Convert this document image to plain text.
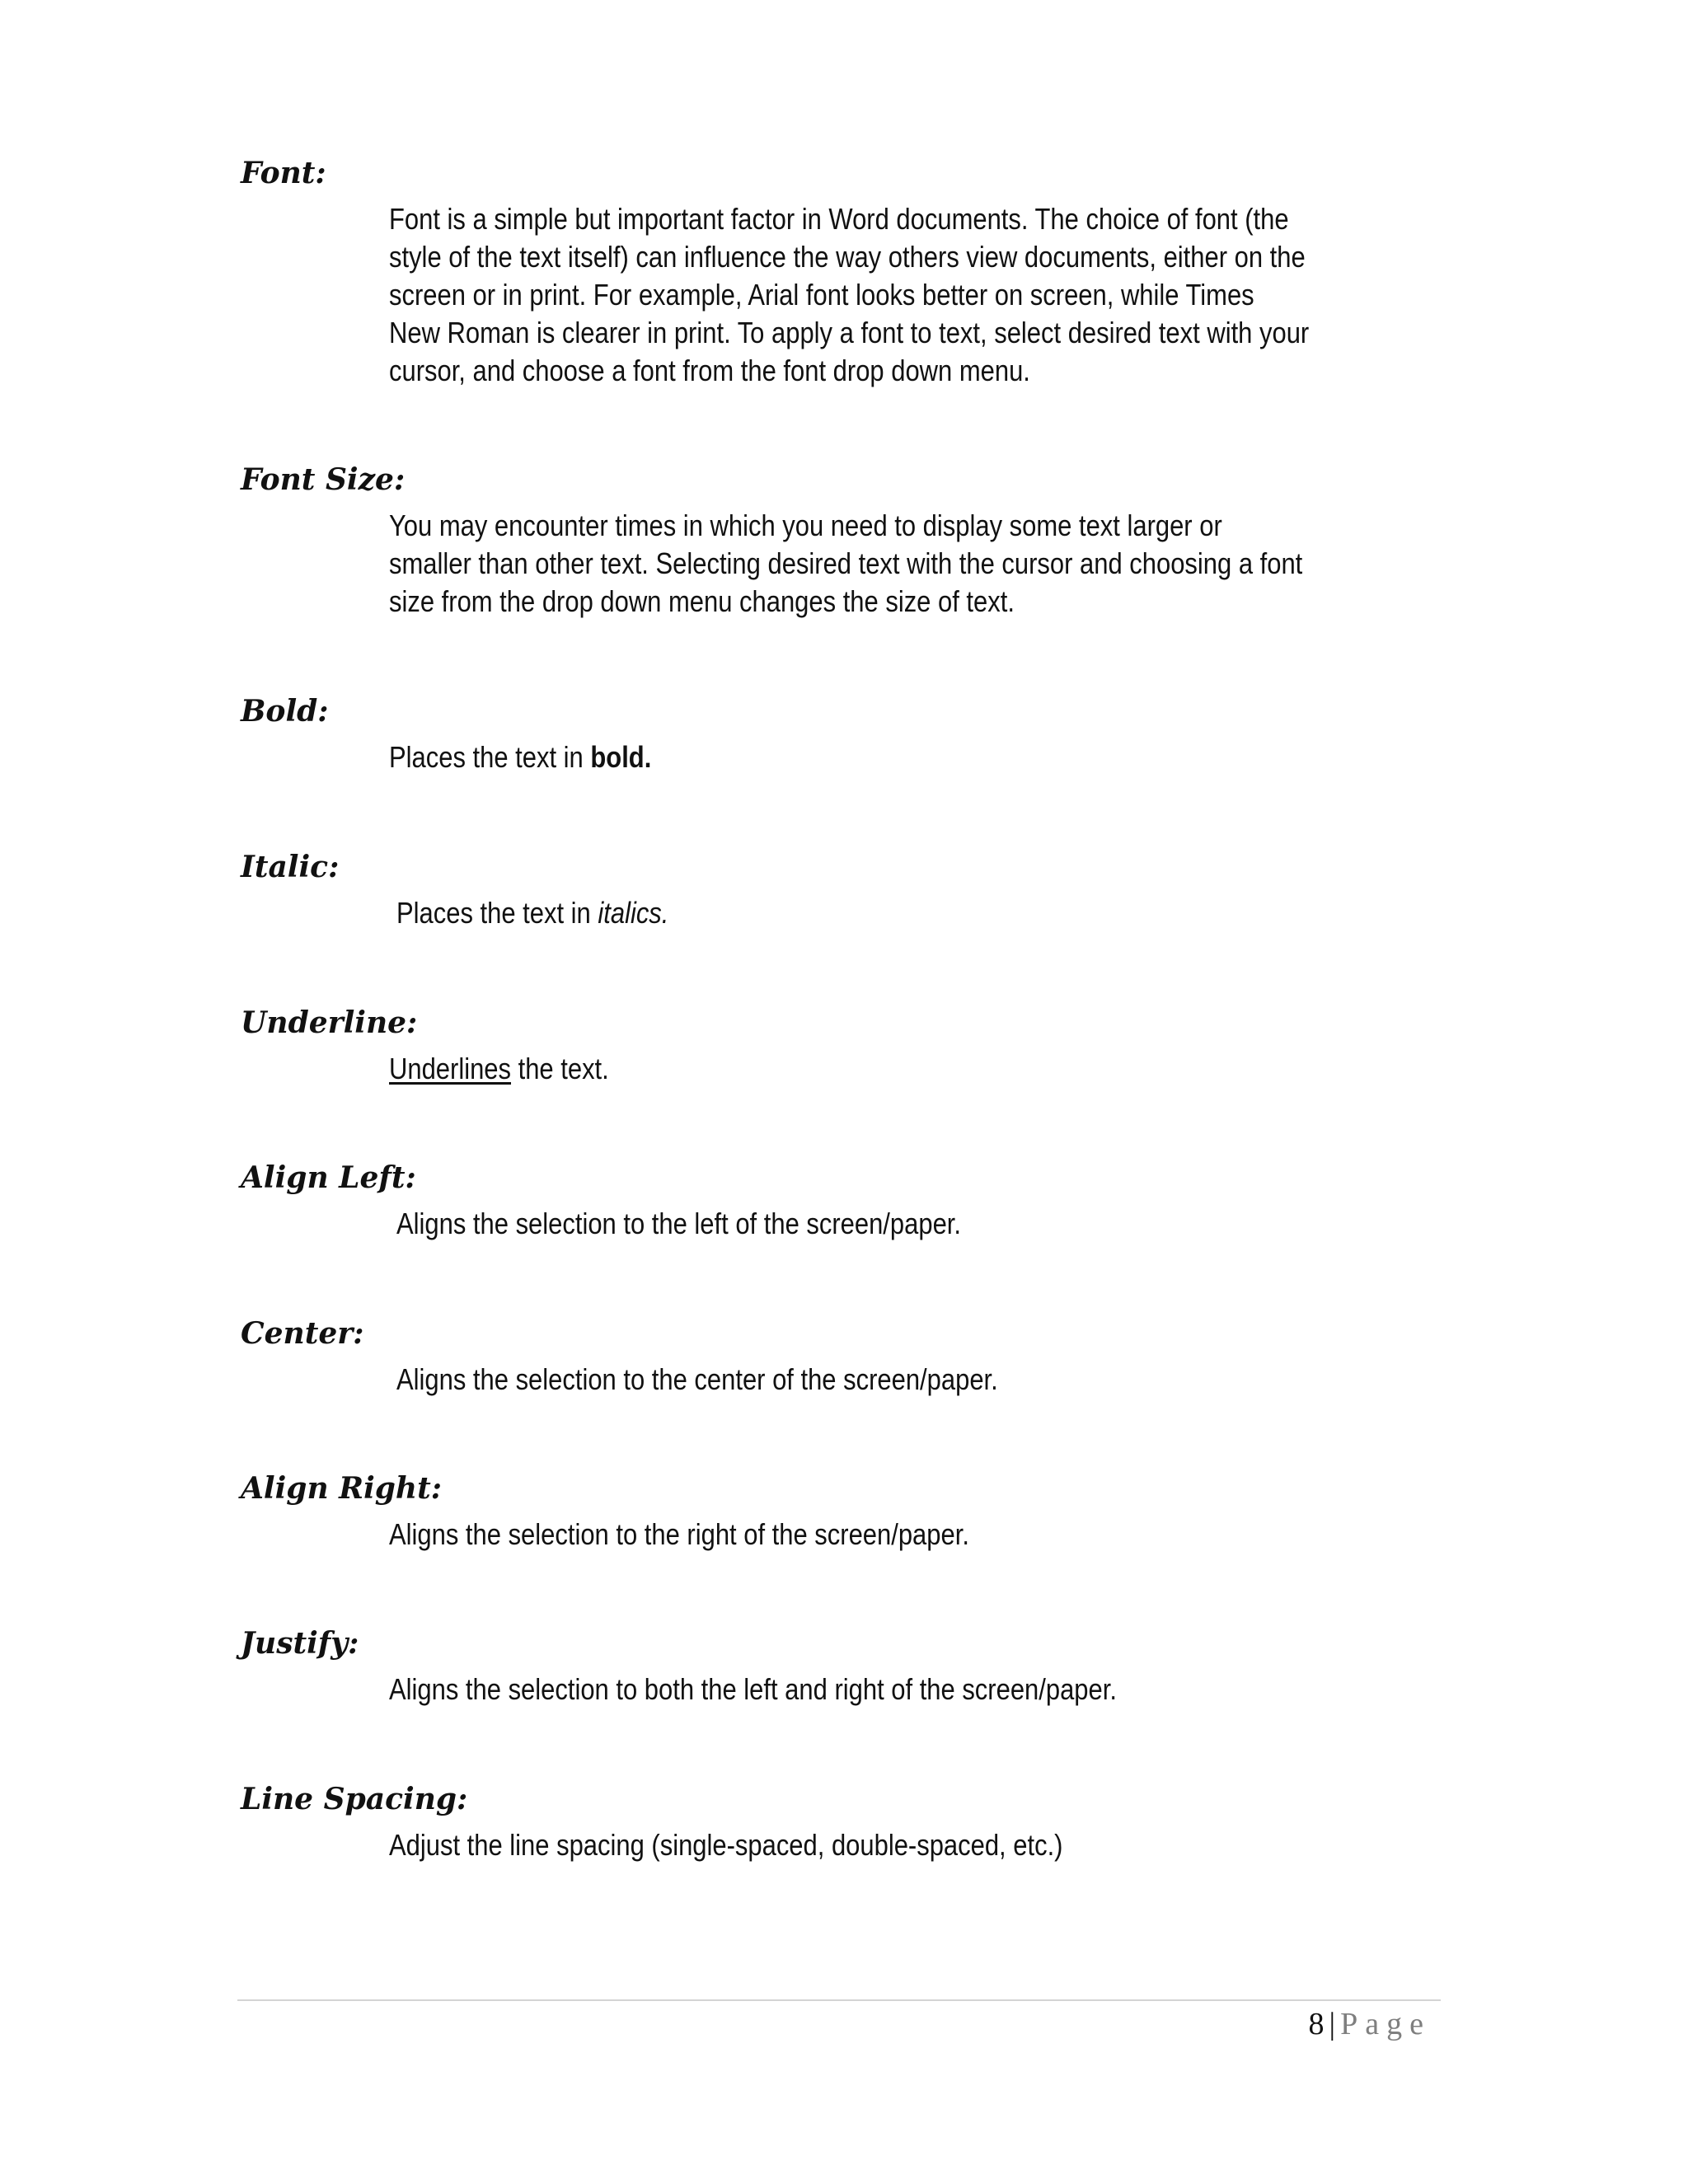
Font:

Font is a simple but important factor in Word documents. The choice of font (the style of the text itself) can influence the way others view documents, either on the screen or in print. For example, Arial font looks better on screen, while Times New Roman is clearer in print. To apply a font to text, select desired text with your cursor, and choose a font from the font drop down menu.

Font Size:

You may encounter times in which you need to display some text larger or smaller than other text. Selecting desired text with the cursor and choosing a font size from the drop down menu changes the size of text.

Bold:

Places the text in bold.

Italic:

Places the text in italics.

Underline:

Underlines the text.

Align Left:

Aligns the selection to the left of the screen/paper.

Center:

Aligns the selection to the center of the screen/paper.

Align Right:

Aligns the selection to the right of the screen/paper.

Justify:

Aligns the selection to both the left and right of the screen/paper.

Line Spacing:

Adjust the line spacing (single-spaced, double-spaced, etc.)

8 | Page
